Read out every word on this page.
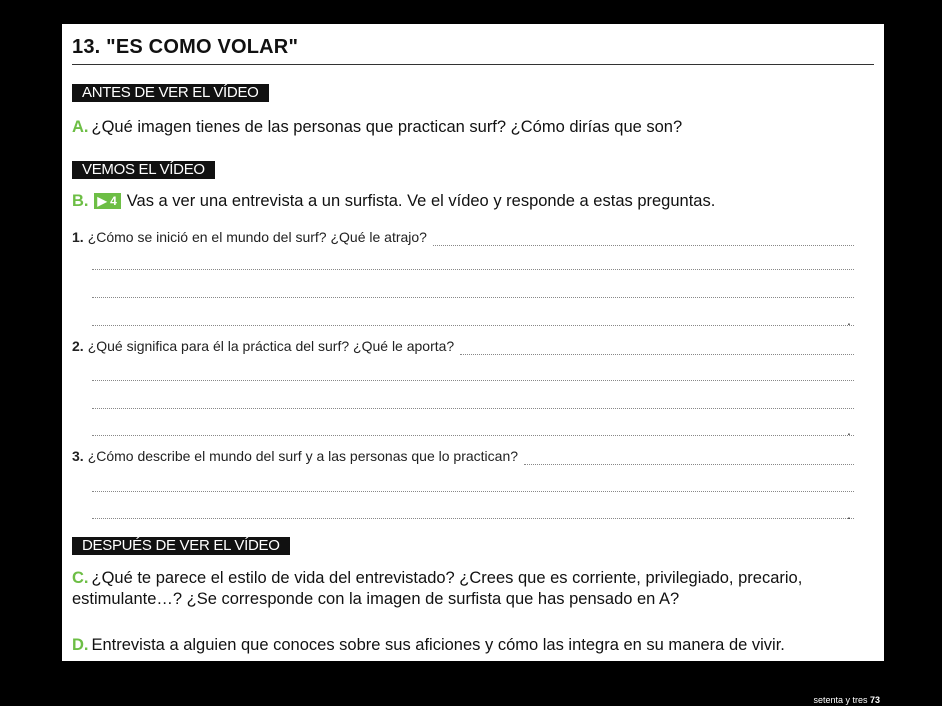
13. "ES COMO VOLAR"
ANTES DE VER EL VÍDEO
A. ¿Qué imagen tienes de las personas que practican surf? ¿Cómo dirías que son?
VEMOS EL VÍDEO
B. ▶ 4 Vas a ver una entrevista a un surfista. Ve el vídeo y responde a estas preguntas.
1. ¿Cómo se inició en el mundo del surf? ¿Qué le atrajo?
.
2. ¿Qué significa para él la práctica del surf? ¿Qué le aporta?
.
3. ¿Cómo describe el mundo del surf y a las personas que lo practican?
.
DESPUÉS DE VER EL VÍDEO
C. ¿Qué te parece el estilo de vida del entrevistado? ¿Crees que es corriente, privilegiado, precario, estimulante…? ¿Se corresponde con la imagen de surfista que has pensado en A?
D. Entrevista a alguien que conoces sobre sus aficiones y cómo las integra en su manera de vivir.
setenta y tres 73
